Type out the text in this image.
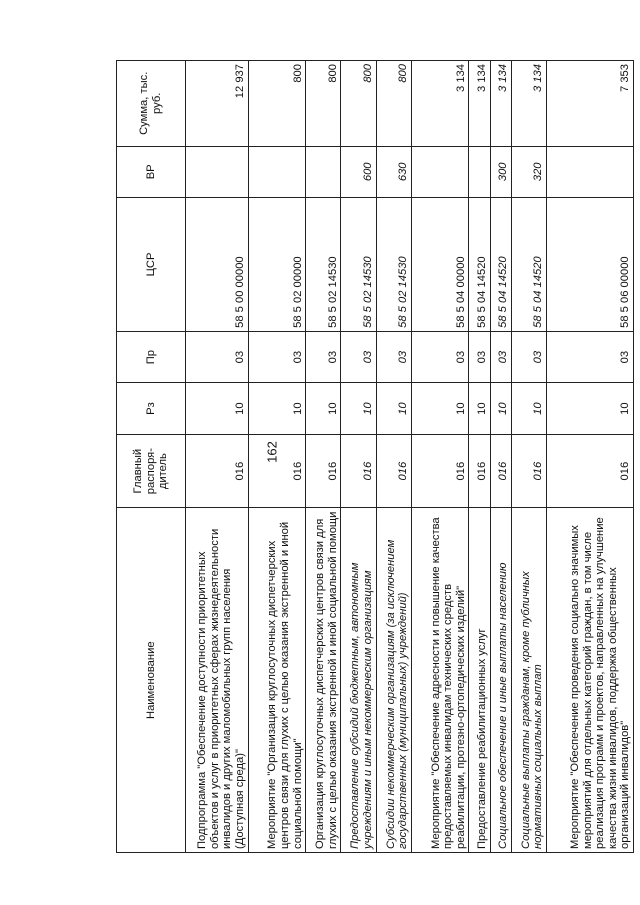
162
Наименование	Главный распоря-дитель	Рз	Пр	ЦСР	ВР	Сумма, тыс. руб.
Подпрограмма "Обеспечение доступности приоритетных объектов и услуг в приоритетных сферах жизнедеятельности инвалидов и других маломобильных групп населения (Доступная среда)"	016	10	03	58 5 00 00000		12 937
Мероприятие "Организация круглосуточных диспетчерских центров связи для глухих с целью оказания экстренной и иной социальной помощи"	016	10	03	58 5 02 00000		800
Организация круглосуточных диспетчерских центров связи для глухих с целью оказания экстренной и иной социальной помощи	016	10	03	58 5 02 14530		800
Предоставление субсидий бюджетным, автономным учреждениям и иным некоммерческим организациям	016	10	03	58 5 02 14530	600	800
Субсидии некоммерческим организациям (за исключением государственных (муниципальных) учреждений)	016	10	03	58 5 02 14530	630	800
Мероприятие "Обеспечение адресности и повышение качества предоставляемых инвалидам технических средств реабилитации, протезно-ортопедических изделий"	016	10	03	58 5 04 00000		3 134
Предоставление реабилитационных услуг	016	10	03	58 5 04 14520		3 134
Социальное обеспечение и иные выплаты населению	016	10	03	58 5 04 14520	300	3 134
Социальные выплаты гражданам, кроме публичных нормативных социальных выплат	016	10	03	58 5 04 14520	320	3 134
Мероприятие "Обеспечение проведения социально значимых мероприятий для отдельных категорий граждан, в том числе реализация программ и проектов, направленных на улучшение качества жизни инвалидов, поддержка общественных организаций инвалидов"	016	10	03	58 5 06 00000		7 353
